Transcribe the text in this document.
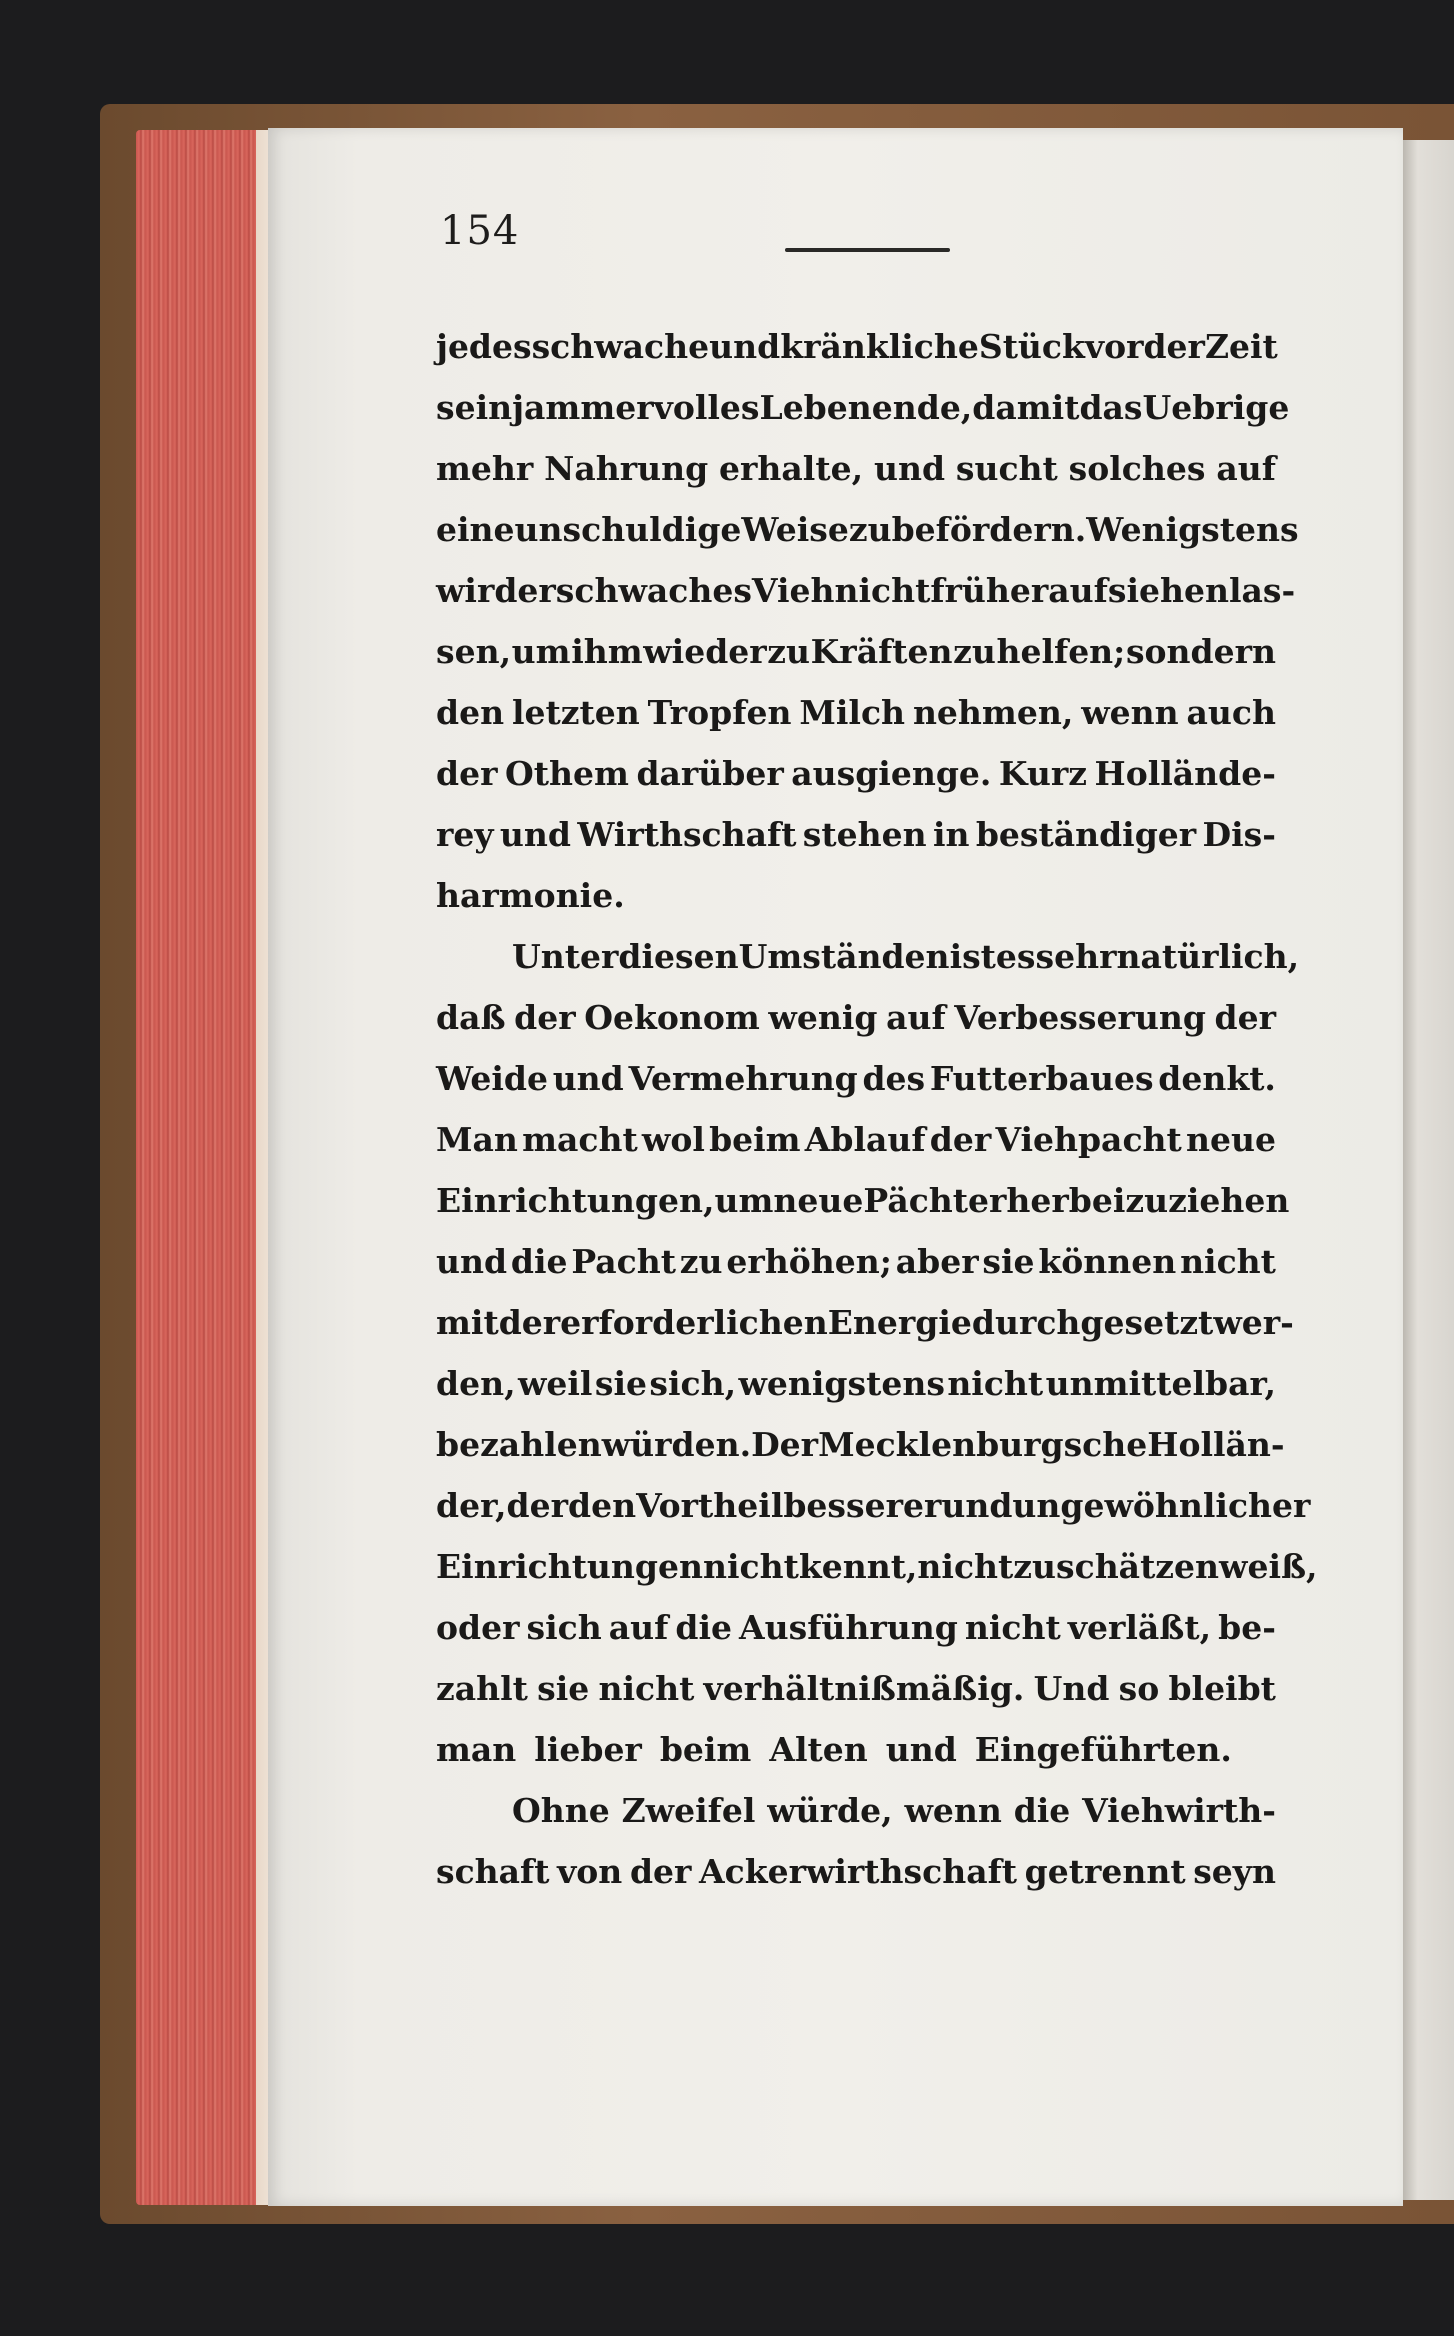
154
jedes schwache und kränkliche Stück vor der Zeit
sein jammervolles Leben ende, damit das Uebrige
mehr Nahrung erhalte, und sucht solches auf
eine unschuldige Weise zu befördern. Wenigstens
wird er schwaches Vieh nicht früher aufsiehen las-
sen, um ihm wieder zu Kräften zu helfen; sondern
den letzten Tropfen Milch nehmen, wenn auch
der Othem darüber ausgienge. Kurz Hollände-
rey und Wirthschaft stehen in beständiger Dis-
harmonie.
Unter diesen Umständen ist es sehr natürlich,
daß der Oekonom wenig auf Verbesserung der
Weide und Vermehrung des Futterbaues denkt.
Man macht wol beim Ablauf der Viehpacht neue
Einrichtungen, um neue Pächter herbeizuziehen
und die Pacht zu erhöhen; aber sie können nicht
mit der erforderlichen Energie durchgesetzt wer-
den, weil sie sich, wenigstens nicht unmittelbar,
bezahlen würden. Der Mecklenburgsche Hollän-
der, der den Vortheil besserer und ungewöhnlicher
Einrichtungen nicht kennt, nicht zu schätzen weiß,
oder sich auf die Ausführung nicht verläßt, be-
zahlt sie nicht verhältnißmäßig. Und so bleibt
man lieber beim Alten und Eingeführten.
Ohne Zweifel würde, wenn die Viehwirth-
schaft von der Ackerwirthschaft getrennt seyn
